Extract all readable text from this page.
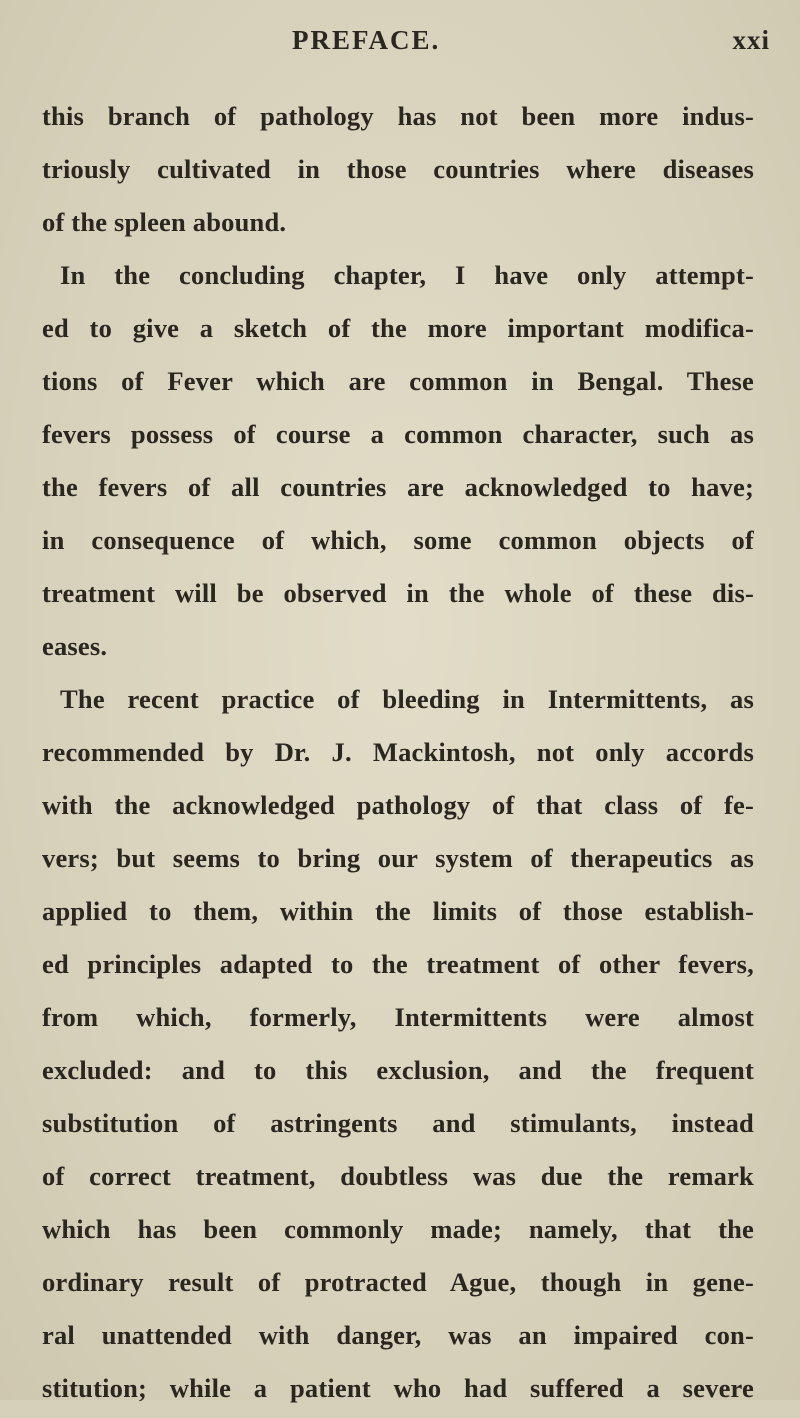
PREFACE.	xxi
this branch of pathology has not been more indus-
triously cultivated in those countries where diseases
of the spleen abound.
In the concluding chapter, I have only attempt-
ed to give a sketch of the more important modifica-
tions of Fever which are common in Bengal. These
fevers possess of course a common character, such as
the fevers of all countries are acknowledged to have;
in consequence of which, some common objects of
treatment will be observed in the whole of these dis-
eases.
The recent practice of bleeding in Intermittents, as
recommended by Dr. J. Mackintosh, not only accords
with the acknowledged pathology of that class of fe-
vers; but seems to bring our system of therapeutics as
applied to them, within the limits of those establish-
ed principles adapted to the treatment of other fevers,
from which, formerly, Intermittents were almost
excluded: and to this exclusion, and the frequent
substitution of astringents and stimulants, instead
of correct treatment, doubtless was due the remark
which has been commonly made; namely, that the
ordinary result of protracted Ague, though in gene-
ral unattended with danger, was an impaired con-
stitution; while a patient who had suffered a severe
